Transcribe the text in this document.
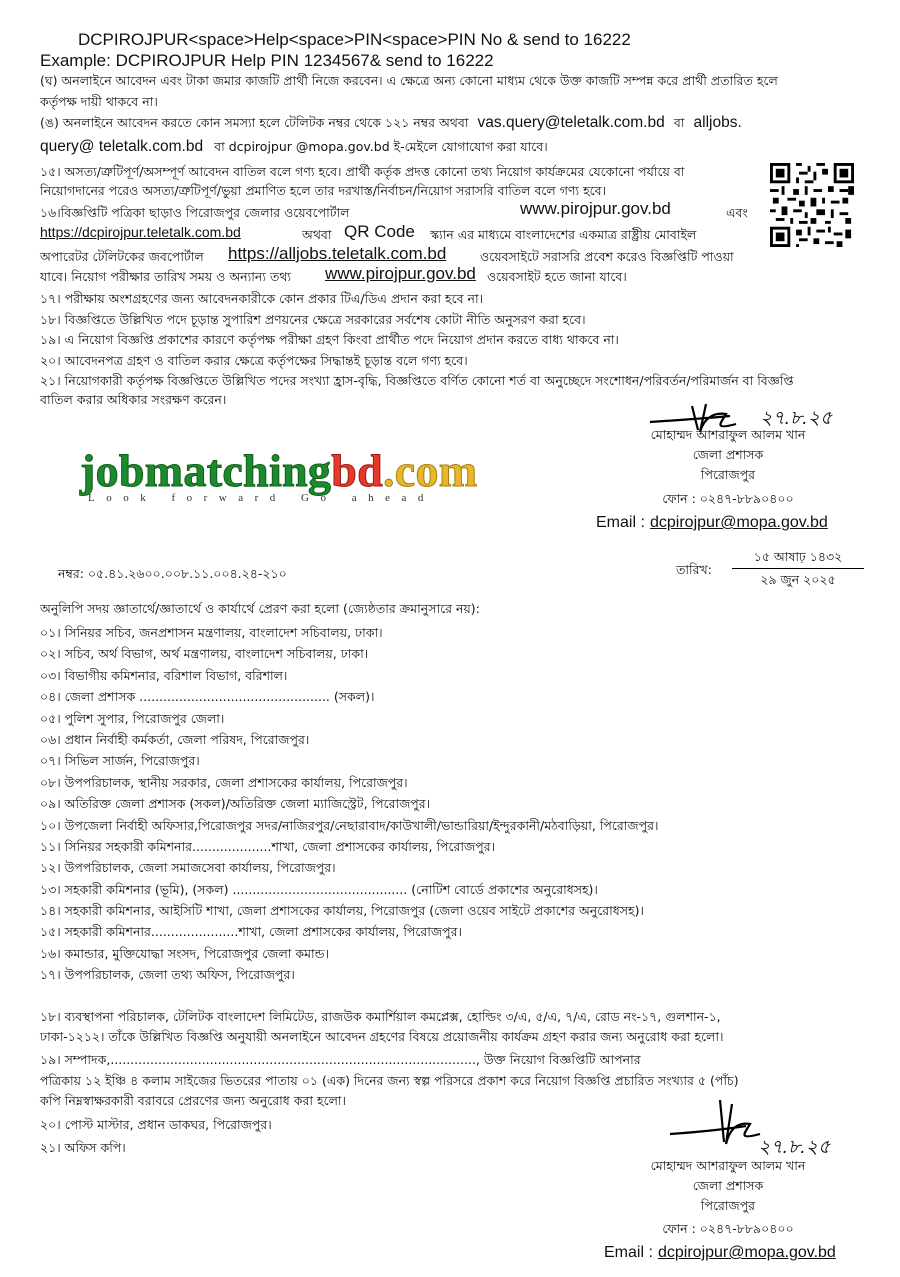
DCPIROJPUR<space>Help<space>PIN<space>PIN No & send to 16222
Example: DCPIROJPUR Help PIN 1234567& send to 16222
(ঘ) অনলাইনে আবেদন এবং টাকা জমার কাজটি প্রার্থী নিজে করবেন। এ ক্ষেত্রে অন্য কোনো মাধ্যম থেকে উক্ত কাজটি সম্পন্ন করে প্রার্থী প্রতারিত হলে
কর্তৃপক্ষ দায়ী থাকবে না।
(ঙ) অনলাইনে আবেদন করতে কোন সমস্যা হলে টেলিটক নম্বর থেকে ১২১ নম্বর অথবা vas.query@teletalk.com.bd বা alljobs.
query@ teletalk.com.bd বা dcpirojpur @mopa.gov.bd ই-মেইলে যোগাযোগ করা যাবে।
১৫। অসত্য/ত্রুটিপূর্ণ/অসম্পূর্ণ আবেদন বাতিল বলে গণ্য হবে। প্রার্থী কর্তৃক প্রদত্ত কোনো তথ্য নিয়োগ কার্যক্রমের যেকোনো পর্যায়ে বা
নিয়োগদানের পরেও অসত্য/ত্রুটিপূর্ণ/ভুয়া প্রমাণিত হলে তার দরখাস্ত/নির্বাচন/নিয়োগ সরাসরি বাতিল বলে গণ্য হবে।
১৬।বিজ্ঞপ্তিটি পত্রিকা ছাড়াও পিরোজপুর জেলার ওয়েবপোর্টাল	www.pirojpur.gov.bd	এবং
https://dcpirojpur.teletalk.com.bd	অথবা QR Code স্ক্যান এর মাধ্যমে বাংলাদেশের একমাত্র রাষ্ট্রীয় মোবাইল
অপারেটর টেলিটকের জবপোর্টাল https://alljobs.teletalk.com.bd	ওয়েবসাইটে সরাসরি প্রবেশ করেও বিজ্ঞপ্তিটি পাওয়া
যাবে। নিয়োগ পরীক্ষার তারিখ সময় ও অন্যান্য তথ্য www.pirojpur.gov.bd ওয়েবসাইট হতে জানা যাবে।
১৭। পরীক্ষায় অংশগ্রহণের জন্য আবেদনকারীকে কোন প্রকার টিএ/ডিএ প্রদান করা হবে না।
১৮। বিজ্ঞপ্তিতে উল্লিখিত পদে চূড়ান্ত সুপারিশ প্রণয়নের ক্ষেত্রে সরকারের সর্বশেষ কোটা নীতি অনুসরণ করা হবে।
১৯। এ নিয়োগ বিজ্ঞপ্তি প্রকাশের কারণে কর্তৃপক্ষ পরীক্ষা গ্রহণ কিংবা প্রার্থীত পদে নিয়োগ প্রদান করতে বাধ্য থাকবে না।
২০। আবেদনপত্র গ্রহণ ও বাতিল করার ক্ষেত্রে কর্তৃপক্ষের সিদ্ধান্তই চূড়ান্ত বলে গণ্য হবে।
২১। নিয়োগকারী কর্তৃপক্ষ বিজ্ঞপ্তিতে উল্লিখিত পদের সংখ্যা হ্রাস-বৃদ্ধি, বিজ্ঞপ্তিতে বর্ণিত কোনো শর্ত বা অনুচ্ছেদে সংশোধন/পরিবর্তন/পরিমার্জন বা বিজ্ঞপ্তি
বাতিল করার অধিকার সংরক্ষণ করেন।
২৭.৮.২৫
মোহাম্মদ আশরাফুল আলম খান
জেলা প্রশাসক
পিরোজপুর
ফোন : ০২৪৭-৮৮৯০৪০০
Email : dcpirojpur@mopa.gov.bd
jobmatchingbd.com
Look forward Go ahead
নম্বর: ০৫.৪১.২৬০০.০০৮.১১.০০৪.২৪-২১০	তারিখ:
১৫ আষাঢ় ১৪৩২
২৯ জুন ২০২৫
অনুলিপি সদয় জ্ঞাতার্থে/জ্ঞাতার্থে ও কার্যার্থে প্রেরণ করা হলো (জ্যেষ্ঠতার ক্রমানুসারে নয়):
০১। সিনিয়র সচিব, জনপ্রশাসন মন্ত্রণালয়, বাংলাদেশ সচিবালয়, ঢাকা।
০২। সচিব, অর্থ বিভাগ, অর্থ মন্ত্রণালয়, বাংলাদেশ সচিবালয়, ঢাকা।
০৩। বিভাগীয় কমিশনার, বরিশাল বিভাগ, বরিশাল।
০৪। জেলা প্রশাসক ................................................ (সকল)।
০৫। পুলিশ সুপার, পিরোজপুর জেলা।
০৬। প্রধান নির্বাহী কর্মকর্তা, জেলা পরিষদ, পিরোজপুর।
০৭। সিভিল সার্জন, পিরোজপুর।
০৮। উপপরিচালক, স্থানীয় সরকার, জেলা প্রশাসকের কার্যালয়, পিরোজপুর।
০৯। অতিরিক্ত জেলা প্রশাসক (সকল)/অতিরিক্ত জেলা ম্যাজিস্ট্রেট, পিরোজপুর।
১০। উপজেলা নির্বাহী অফিসার,পিরোজপুর সদর/নাজিরপুর/নেছারাবাদ/কাউখালী/ভান্ডারিয়া/ইন্দুরকানী/মঠবাড়িয়া, পিরোজপুর।
১১। সিনিয়র সহকারী কমিশনার....................শাখা, জেলা প্রশাসকের কার্যালয়, পিরোজপুর।
১২। উপপরিচালক, জেলা সমাজসেবা কার্যালয়, পিরোজপুর।
১৩। সহকারী কমিশনার (ভূমি), (সকল) ............................................ (নোটিশ বোর্ডে প্রকাশের অনুরোধসহ)।
১৪। সহকারী কমিশনার, আইসিটি শাখা, জেলা প্রশাসকের কার্যালয়, পিরোজপুর (জেলা ওয়েব সাইটে প্রকাশের অনুরোধসহ)।
১৫। সহকারী কমিশনার......................শাখা, জেলা প্রশাসকের কার্যালয়, পিরোজপুর।
১৬। কমান্ডার, মুক্তিযোদ্ধা সংসদ, পিরোজপুর জেলা কমান্ড।
১৭। উপপরিচালক, জেলা তথ্য অফিস, পিরোজপুর।
১৮। ব্যবস্থাপনা পরিচালক, টেলিটক বাংলাদেশ লিমিটেড, রাজউক কমার্শিয়াল কমপ্লেক্স, হোল্ডিং ৩/এ, ৫/এ, ৭/এ, রোড নং-১৭, গুলশান-১,
ঢাকা-১২১২। তাঁকে উল্লিখিত বিজ্ঞপ্তি অনুযায়ী অনলাইনে আবেদন গ্রহণের বিষয়ে প্রয়োজনীয় কার্যক্রম গ্রহণ করার জন্য অনুরোধ করা হলো।
১৯। সম্পাদক,............................................................................................, উক্ত নিয়োগ বিজ্ঞপ্তিটি আপনার
পত্রিকায় ১২ ইঞ্চি ৪ কলাম সাইজের ভিতরের পাতায় ০১ (এক) দিনের জন্য স্বল্প পরিসরে প্রকাশ করে নিয়োগ বিজ্ঞপ্তি প্রচারিত সংখ্যার ৫ (পাঁচ)
কপি নিম্নস্বাক্ষরকারী বরাবরে প্রেরণের জন্য অনুরোধ করা হলো।
২০। পোস্ট মাস্টার, প্রধান ডাকঘর, পিরোজপুর।
২১। অফিস কপি।	২৭.৮.২৫
মোহাম্মদ আশরাফুল আলম খান
জেলা প্রশাসক
পিরোজপুর
ফোন : ০২৪৭-৮৮৯০৪০০
Email : dcpirojpur@mopa.gov.bd
